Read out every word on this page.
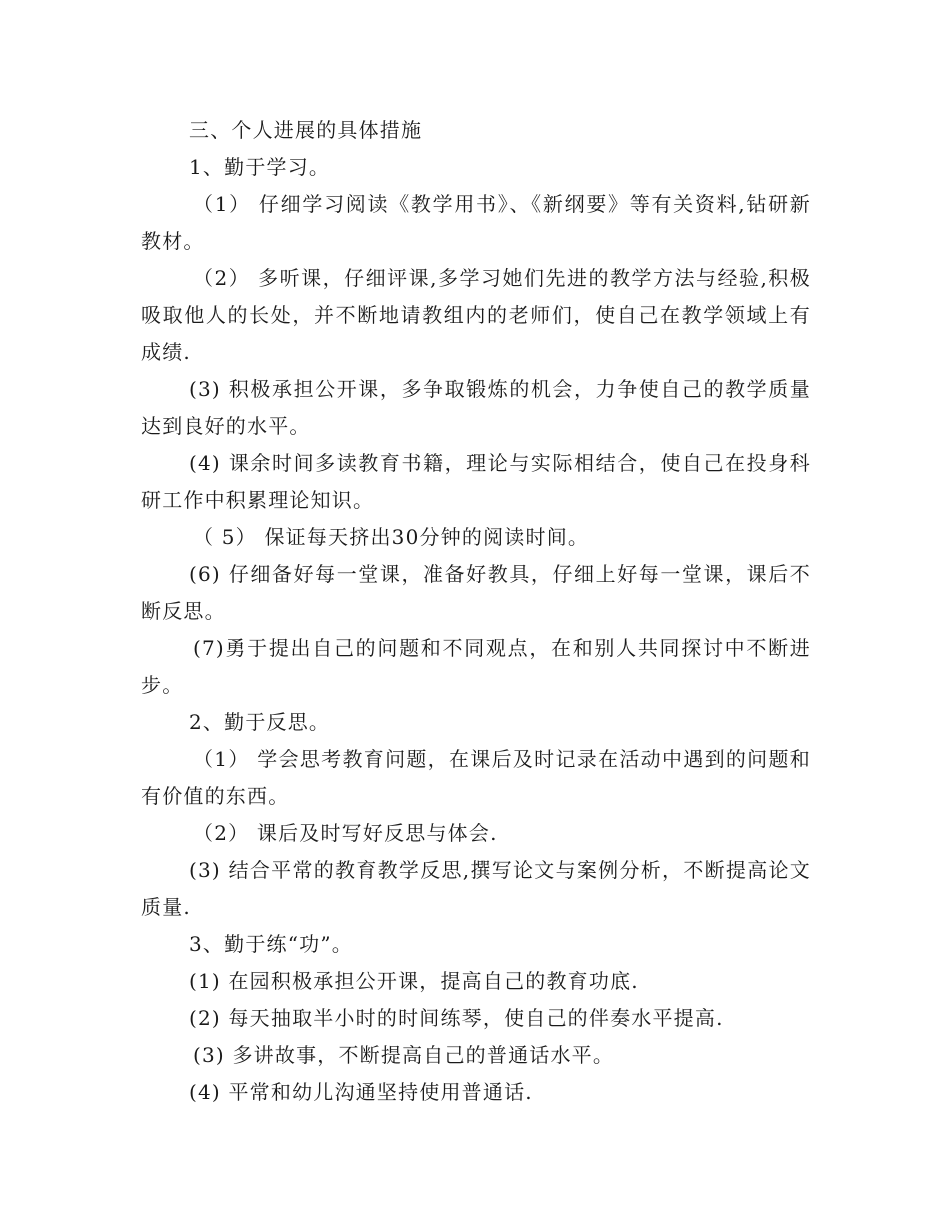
三、个人进展的具体措施

1、勤于学习。

（1） 仔细学习阅读《教学用书》、《新纲要》等有关资料,钻研新教材。

（2） 多听课，仔细评课,多学习她们先进的教学方法与经验,积极吸取他人的长处，并不断地请教组内的老师们，使自己在教学领域上有成绩.

(3) 积极承担公开课，多争取锻炼的机会，力争使自己的教学质量达到良好的水平。

(4) 课余时间多读教育书籍，理论与实际相结合，使自己在投身科研工作中积累理论知识。

（ 5） 保证每天挤出30分钟的阅读时间。

(6) 仔细备好每一堂课，准备好教具，仔细上好每一堂课，课后不断反思。

(7)勇于提出自己的问题和不同观点，在和别人共同探讨中不断进步。

2、勤于反思。

（1） 学会思考教育问题，在课后及时记录在活动中遇到的问题和有价值的东西。

（2） 课后及时写好反思与体会.

(3) 结合平常的教育教学反思,撰写论文与案例分析，不断提高论文质量.

3、勤于练“功”。

(1) 在园积极承担公开课，提高自己的教育功底.

(2) 每天抽取半小时的时间练琴，使自己的伴奏水平提高.

(3) 多讲故事，不断提高自己的普通话水平。

(4) 平常和幼儿沟通坚持使用普通话.
